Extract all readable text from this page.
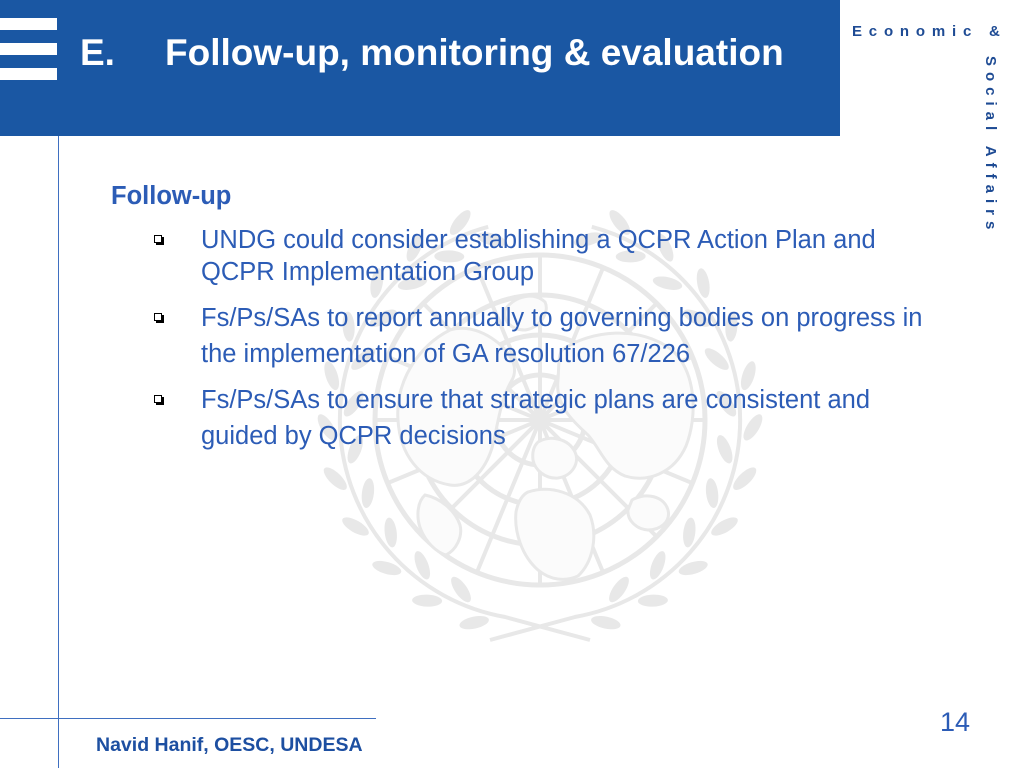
E. Follow-up, monitoring & evaluation
Economic &
Social Affairs
Follow-up
UNDG could consider establishing a QCPR Action Plan and QCPR Implementation Group
Fs/Ps/SAs to report annually to governing bodies on progress in the implementation of GA resolution 67/226
Fs/Ps/SAs to ensure that strategic plans are consistent and guided by QCPR decisions
Navid Hanif, OESC, UNDESA
14
